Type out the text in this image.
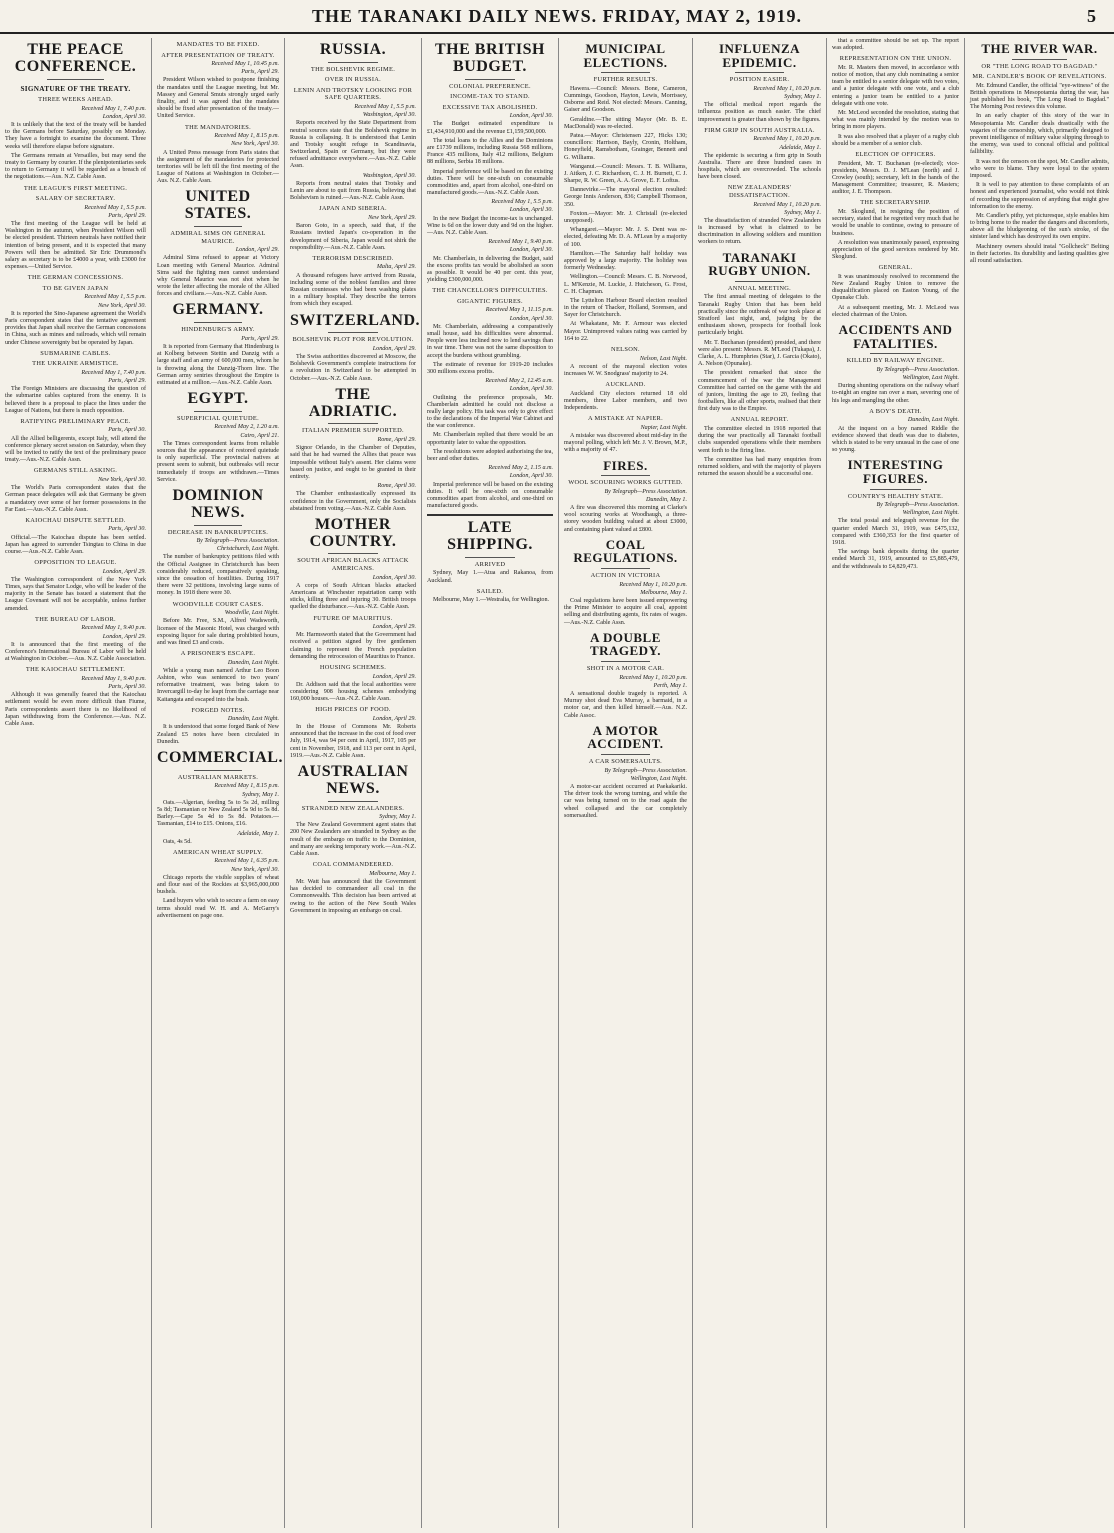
THE TARANAKI DAILY NEWS. FRIDAY, MAY 2, 1919.	5
THE PEACE CONFERENCE.
SIGNATURE OF THE TREATY.
THREE WEEKS AHEAD.

Received May 1, 7.40 p.m.

London, April 30.

It is unlikely that the text of the treaty will be handed to the Germans before Saturday, possibly on Monday. They have a fortnight to examine the document. Three weeks will therefore elapse before signature.

The Germans remain at Versailles, but may send the treaty to Germany by courier. If the plenipotentiaries seek to return to Germany it will be regarded as a breach of the negotiations.—Aus. N.Z. Cable Assn.

THE LEAGUE'S FIRST MEETING.
SALARY OF SECRETARY.

Received May 1, 5.5 p.m.

Paris, April 29.

The first meeting of the League will be held at Washington in the autumn, when President Wilson will be elected president. Thirteen neutrals have notified their intention of being present, and it is expected that many Powers will then be admitted. Sir Eric Drummond's salary as secretary is to be £4000 a year, with £3000 for expenses.—United Service.

THE GERMAN CONCESSIONS.
TO BE GIVEN JAPAN

Received May 1, 5.5 p.m.

New York, April 30.

It is reported the Sino-Japanese agreement the World's Paris correspondent states that the tentative agreement provides that Japan shall receive the German concessions in China, such as mines and railroads, which will remain under Chinese sovereignty but be operated by Japan.

SUBMARINE CABLES.
THE UKRAINE ARMISTICE.

Received May 1, 7.40 p.m.

Paris, April 29.

The Foreign Ministers are discussing the question of the submarine cables captured from the enemy. It is believed there is a proposal to place the lines under the League of Nations, but there is much opposition.

RATIFYING PRELIMINARY PEACE.

Paris, April 30.

All the Allied belligerents, except Italy, will attend the conference plenary secret session on Saturday, when they will be invited to ratify the text of the preliminary peace treaty.—Aus.-N.Z. Cable Assn.

GERMANS STILL ASKING.

New York, April 30.

The World's Paris correspondent states that the German peace delegates will ask that Germany be given a mandatory over some of her former possessions in the Far East.—Aus.-N.Z. Cable Assn.

KAIOCHAU DISPUTE SETTLED.

Paris, April 30.

Official.—The Kaiochau dispute has been settled. Japan has agreed to surrender Tsingtau to China in due course.—Aus.-N.Z. Cable Assn.

OPPOSITION TO LEAGUE.

London, April 29.

The Washington correspondent of the New York Times, says that Senator Lodge, who will be leader of the majority in the Senate has issued a statement that the League Covenant will not be acceptable, unless further amended.

THE BUREAU OF LABOR.

Received May 1, 9.40 p.m.

London, April 29.

It is announced that the first meeting of the Conference's International Bureau of Labor will be held at Washington in October.—Aus. N.Z. Cable Association.

THE KAIOCHAU SETTLEMENT.

Received May 1, 9.40 p.m.

Paris, April 30.

Although it was generally feared that the Kaiochau settlement would be even more difficult than Fiume, Paris correspondents assert there is no likelihood of Japan withdrawing from the Conference.—Aus. N.Z. Cable Assn.

MANDATES TO BE FIXED.
AFTER PRESENTATION OF TREATY.

Received May 1, 10.45 p.m.

Paris, April 29.

President Wilson wished to postpone finishing the mandates until the League meeting, but Mr. Massey and General Smuts strongly urged early finality, and it was agreed that the mandates should be fixed after presentation of the treaty.—United Service.

THE MANDATORIES.

Received May 1, 8.15 p.m.

New York, April 30.

A United Press message from Paris states that the assignment of the mandatories for protected territories will be left till the first meeting of the League of Nations at Washington in October.—Aus. N.Z. Cable Assn.

UNITED STATES.
ADMIRAL SIMS ON GENERAL MAURICE.

London, April 29.

Admiral Sims refused to appear at Victory Loan meeting with General Maurice. Admiral Sims said the fighting men cannot understand why General Maurice was not shot when he wrote the letter affecting the morale of the Allied forces and civilians.—Aus.-N.Z. Cable Assn.

GERMANY.
HINDENBURG'S ARMY.

Paris, April 29.

It is reported from Germany that Hindenburg is at Kolberg between Stettin and Danzig with a large staff and an army of 600,000 men, whom he is throwing along the Danzig-Thorn line. The German army sentries throughout the Empire is estimated at a million.—Aus.-N.Z. Cable Assn.

EGYPT.
SUPERFICIAL QUIETUDE.

Received May 2, 1.20 a.m.

Cairo, April 21.

The Times correspondent learns from reliable sources that the appearance of restored quietude is only superficial. The provincial natives at present seem to submit, but outbreaks will recur immediately if troops are withdrawn.—Times Service.

DOMINION NEWS.
DECREASE IN BANKRUPTCIES.

By Telegraph—Press Association.

Christchurch, Last Night.

The number of bankruptcy petitions filed with the Official Assignee in Christchurch has been considerably reduced, comparatively speaking, since the cessation of hostilities. During 1917 there were 32 petitions, involving large sums of money. In 1918 there were 30.

WOODVILLE COURT CASES.

Woodville, Last Night.

Before Mr. Free, S.M., Alfred Wadsworth, licensee of the Masonic Hotel, was charged with exposing liquor for sale during prohibited hours, and was fined £3 and costs.

A PRISONER'S ESCAPE.

Dunedin, Last Night.

While a young man named Arthur Leo Boon Ashton, who was sentenced to two years' reformative treatment, was being taken to Invercargill to-day he leapt from the carriage near Kaitangata and escaped into the bush.

FORGED NOTES.

Dunedin, Last Night.

It is understood that some forged Bank of New Zealand £5 notes have been circulated in Dunedin.

COMMERCIAL.
AUSTRALIAN MARKETS.

Received May 1, 8.15 p.m.

Sydney, May 1.

Oats.—Algerian, feeding 5s to 5s 2d, milling 5s 8d; Tasmanian or New Zealand 5s 9d to 5s 8d. Barley.—Cape 5s 4d to 5s 8d. Potatoes.—Tasmanian, £14 to £15. Onions, £16.

Adelaide, May 1.

Oats, 4s 5d.

AMERICAN WHEAT SUPPLY.

Received May 1, 6.35 p.m.

New York, April 30.

Chicago reports the visible supplies of wheat and flour east of the Rockies at $3,965,000,000 bushels.

Land buyers who wish to secure a farm on easy terms should read W. H. and A. McGarry's advertisement on page one.

RUSSIA.
THE BOLSHEVIK REGIME.
OVER IN RUSSIA.
LENIN AND TROTSKY LOOKING FOR SAFE QUARTERS.

Received May 1, 5.5 p.m.

Washington, April 30.

Reports received by the State Department from neutral sources state that the Bolshevik regime in Russia is collapsing. It is understood that Lenin and Trotsky sought refuge in Scandinavia, Switzerland, Spain or Germany, but they were refused admittance everywhere.—Aus.-N.Z. Cable Assn.

Washington, April 30.

Reports from neutral states that Trotsky and Lenin are about to quit from Russia, believing that Bolshevism is ruined.—Aus.-N.Z. Cable Assn.

JAPAN AND SIBERIA.

New York, April 29.

Baron Goto, in a speech, said that, if the Russians invited Japan's co-operation in the development of Siberia, Japan would not shirk the responsibility.—Aus.-N.Z. Cable Assn.

TERRORISM DESCRIBED.

Malta, April 29.

A thousand refugees have arrived from Russia, including some of the noblest families and three Russian countesses who had been washing plates in a military hospital. They describe the terrors from which they escaped.

SWITZERLAND.
BOLSHEVIK PLOT FOR REVOLUTION.

London, April 29.

The Swiss authorities discovered at Moscow, the Bolshevik Government's complete instructions for a revolution in Switzerland to be attempted in October.—Aus.-N.Z. Cable Assn.

THE ADRIATIC.
ITALIAN PREMIER SUPPORTED.

Rome, April 29.

Signor Orlando, in the Chamber of Deputies, said that he had warned the Allies that peace was impossible without Italy's assent. Her claims were based on justice, and ought to be granted in their entirety.

Rome, April 30.

The Chamber enthusiastically expressed its confidence in the Government, only the Socialists abstained from voting.—Aus.-N.Z. Cable Assn.

MOTHER COUNTRY.
SOUTH AFRICAN BLACKS ATTACK AMERICANS.

London, April 30.

A corps of South African blacks attacked Americans at Winchester repatriation camp with sticks, killing three and injuring 30. British troops quelled the disturbance.—Aus.-N.Z. Cable Assn.

FUTURE OF MAURITIUS.

London, April 29.

Mr. Harmsworth stated that the Government had received a petition signed by five gentlemen claiming to represent the French population demanding the retrocession of Mauritius to France.

HOUSING SCHEMES.

London, April 29.

Dr. Addison said that the local authorities were considering 908 housing schemes embodying 160,000 houses.—Aus.-N.Z. Cable Assn.

HIGH PRICES OF FOOD.

London, April 29.

In the House of Commons Mr. Roberts announced that the increase in the cost of food over July, 1914, was 94 per cent in April, 1917, 105 per cent in November, 1918, and 113 per cent in April, 1919.—Aus.-N.Z. Cable Assn.

AUSTRALIAN NEWS.
STRANDED NEW ZEALANDERS.

Sydney, May 1.

The New Zealand Government agent states that 200 New Zealanders are stranded in Sydney as the result of the embargo on traffic to the Dominion, and many are seeking temporary work.—Aus.-N.Z. Cable Assn.

COAL COMMANDEERED.

Melbourne, May 1.

Mr. Watt has announced that the Government has decided to commandeer all coal in the Commonwealth. This decision has been arrived at owing to the action of the New South Wales Government in imposing an embargo on coal.

THE BRITISH BUDGET.
COLONIAL PREFERENCE.
INCOME-TAX TO STAND.
EXCESSIVE TAX ABOLISHED.

London, April 30.

The Budget estimated expenditure is £1,434,910,000 and the revenue £1,159,500,000.

The total loans to the Allies and the Dominions are £1739 millions, including Russia 568 millions, France 435 millions, Italy 412 millions, Belgium 88 millions, Serbia 18 millions.

Imperial preference will be based on the existing duties. There will be one-sixth on consumable commodities and, apart from alcohol, one-third on manufactured goods.—Aus.-N.Z. Cable Assn.

Received May 1, 5.5 p.m.

London, April 30.

In the new Budget the income-tax is unchanged. Wine is 6d on the lower duty and 9d on the higher.—Aus. N.Z. Cable Assn.

Received May 1, 9.40 p.m.

London, April 30.

Mr. Chamberlain, in delivering the Budget, said the excess profits tax would be abolished as soon as possible. It would be 40 per cent. this year, yielding £300,000,000.

THE CHANCELLOR'S DIFFICULTIES.
GIGANTIC FIGURES.

Received May 1, 11.15 p.m.

London, April 30.

Mr. Chamberlain, addressing a comparatively small house, said his difficulties were abnormal. People were less inclined now to lend savings than in war time. There was not the same disposition to accept the burdens without grumbling.

The estimate of revenue for 1919-20 includes 300 millions excess profits.

Received May 2, 12.45 a.m.

London, April 30.

Outlining the preference proposals, Mr. Chamberlain admitted he could not disclose a really large policy. His task was only to give effect to the declarations of the Imperial War Cabinet and the war conference.

Mr. Chamberlain replied that there would be an opportunity later to value the opposition.

The resolutions were adopted authorising the tea, beer and other duties.

Received May 2, 1.15 a.m.

London, April 30.

Imperial preference will be based on the existing duties. It will be one-sixth on consumable commodities apart from alcohol, and one-third on manufactured goods.

LATE SHIPPING.
ARRIVED

Sydney, May 1.—Atua and Rakanoa, from Auckland.

SAILED.

Melbourne, May 1.—Westralia, for Wellington.

MUNICIPAL ELECTIONS.
FURTHER RESULTS.

Hawera.—Council: Messrs. Bone, Cameron, Cummings, Goodson, Hayton, Lewis, Morrissey, Osborne and Reid. Not elected: Messrs. Canning, Gaiser and Goodson.

Geraldine.—The sitting Mayor (Mr. B. E. MacDonald) was re-elected.

Patea.—Mayor: Christensen 227, Hicks 130; councillors: Harrison, Bayly, Cronin, Holtham, Honeyfield, Ramsbotham, Grainger, Bennett and G. Williams.

Wanganui.—Council: Messrs. T. B. Williams, J. Aitken, J. C. Richardson, C. J. H. Burnett, C. J. Sharpe, R. W. Green, A. A. Grove, E. F. Loftus.

Dannevirke.—The mayoral election resulted: George Innis Anderson, 836; Campbell Thomson, 350.

Foxton.—Mayor: Mr. J. Christall (re-elected unopposed).

Whangarei.—Mayor: Mr. J. S. Dent was re-elected, defeating Mr. D. A. M'Lean by a majority of 100.

Hamilton.—The Saturday half holiday was approved by a large majority. The holiday was formerly Wednesday.

Wellington.—Council: Messrs. C. B. Norwood, L. M'Kenzie, M. Luckie, J. Hutcheson, G. Frost, C. H. Chapman.

The Lyttelton Harbour Board election resulted in the return of Thacker, Holland, Sorensen, and Sayer for Christchurch.

At Whakatane, Mr. F. Armour was elected Mayor. Unimproved values rating was carried by 164 to 22.

NELSON.

Nelson, Last Night.

A recount of the mayoral election votes increases W. W. Snodgrass' majority to 24.

AUCKLAND.

Auckland City electors returned 18 old members, three Labor members, and two Independents.

A MISTAKE AT NAPIER.

Napier, Last Night.

A mistake was discovered about mid-day in the mayoral polling, which left Mr. J. V. Brown, M.P., with a majority of 47.

FIRES.
WOOL SCOURING WORKS GUTTED.

By Telegraph—Press Association.

Dunedin, May 1.

A fire was discovered this morning at Clarke's wool scouring works at Woodhaugh, a three-storey wooden building valued at about £3000, and containing plant valued at £800.

COAL REGULATIONS.
ACTION IN VICTORIA

Received May 1, 10.20 p.m.

Melbourne, May 1.

Coal regulations have been issued empowering the Prime Minister to acquire all coal, appoint selling and distributing agents, fix rates of wages.—Aus.-N.Z. Cable Assn.

A DOUBLE TRAGEDY.
SHOT IN A MOTOR CAR.

Received May 1, 10.20 p.m.

Perth, May 1.

A sensational double tragedy is reported. A Murray shot dead Eva Murray, a barmaid, in a motor car, and then killed himself.—Aus. N.Z. Cable Assoc.

A MOTOR ACCIDENT.
A CAR SOMERSAULTS.

By Telegraph—Press Association.

Wellington, Last Night.

A motor-car accident occurred at Paekakariki. The driver took the wrong turning, and while the car was being turned on to the road again the wheel collapsed and the car completely somersaulted.

INFLUENZA EPIDEMIC.
POSITION EASIER.

Received May 1, 10.20 p.m.

Sydney, May 1.

The official medical report regards the influenza position as much easier. The chief improvement is greater than shown by the figures.

FIRM GRIP IN SOUTH AUSTRALIA.

Received May 1, 10.20 p.m.

Adelaide, May 1.

The epidemic is securing a firm grip in South Australia. There are three hundred cases in hospitals, which are overcrowded. The schools have been closed.

NEW ZEALANDERS' DISSATISFACTION.

Received May 1, 10.20 p.m.

Sydney, May 1.

The dissatisfaction of stranded New Zealanders is increased by what is claimed to be discrimination in allowing soldiers and munition workers to return.

TARANAKI RUGBY UNION.
ANNUAL MEETING.

The first annual meeting of delegates to the Taranaki Rugby Union that has been held practically since the outbreak of war took place at Stratford last night, and, judging by the enthusiasm shown, prospects for football look particularly bright.

Mr. T. Buchanan (president) presided, and there were also present: Messrs. R. M'Leod (Tukapa), J. Clarke, A. L. Humphries (Star), J. Garcia (Okato), A. Nelson (Opunake).

The president remarked that since the commencement of the war the Management Committee had carried on the game with the aid of juniors, limiting the age to 20, feeling that footballers, like all other sports, realised that their first duty was to the Empire.

ANNUAL REPORT.

The committee elected in 1918 reported that during the war practically all Taranaki football clubs suspended operations while their members went forth to the firing line.

The committee has had many enquiries from returned soldiers, and with the majority of players returned the season should be a successful one.

that a committee should be set up. The report was adopted.

REPRESENTATION ON THE UNION.

Mr. R. Masters then moved, in accordance with notice of motion, that any club nominating a senior team be entitled to a senior delegate with two votes, and a junior delegate with one vote, and a club entering a junior team be entitled to a junior delegate with one vote.

Mr. McLeod seconded the resolution, stating that what was mainly intended by the motion was to bring in more players.

It was also resolved that a player of a rugby club should be a member of a senior club.

ELECTION OF OFFICERS.

President, Mr. T. Buchanan (re-elected); vice-presidents, Messrs. D. J. M'Lean (north) and J. Crowley (south); secretary, left in the hands of the Management Committee; treasurer, R. Masters; auditor, J. E. Thompson.

THE SECRETARYSHIP.

Mr. Skoglund, in resigning the position of secretary, stated that he regretted very much that he would be unable to continue, owing to pressure of business.

A resolution was unanimously passed, expressing appreciation of the good services rendered by Mr. Skoglund.

GENERAL.

It was unanimously resolved to recommend the New Zealand Rugby Union to remove the disqualification placed on Easton Young, of the Opunake Club.

At a subsequent meeting, Mr. J. McLeod was elected chairman of the Union.

ACCIDENTS AND FATALITIES.
KILLED BY RAILWAY ENGINE.

By Telegraph—Press Association.

Wellington, Last Night.

During shunting operations on the railway wharf to-night an engine ran over a man, severing one of his legs and mangling the other.

A BOY'S DEATH.

Dunedin, Last Night.

At the inquest on a boy named Riddle the evidence showed that death was due to diabetes, which is stated to be very unusual in the case of one so young.

INTERESTING FIGURES.
COUNTRY'S HEALTHY STATE.

By Telegraph—Press Association.

Wellington, Last Night.

The total postal and telegraph revenue for the quarter ended March 31, 1919, was £475,132, compared with £360,353 for the first quarter of 1918.

The savings bank deposits during the quarter ended March 31, 1919, amounted to £5,885,479, and the withdrawals to £4,829,473.

THE RIVER WAR.
OR "THE LONG ROAD TO BAGDAD."
MR. CANDLER'S BOOK OF REVELATIONS.

Mr. Edmund Candler, the official "eye-witness" of the British operations in Mesopotamia during the war, has just published his book, "The Long Road to Bagdad." The Morning Post reviews this volume.

In an early chapter of this story of the war in Mesopotamia Mr. Candler deals drastically with the vagaries of the censorship, which, primarily designed to prevent intelligence of military value slipping through to the enemy, was used to conceal official and political fallibility.

It was not the censors on the spot, Mr. Candler admits, who were to blame. They were loyal to the system imposed.

It is well to pay attention to these complaints of an honest and experienced journalist, who would not think of recording the suppression of anything that might give information to the enemy.

Mr. Candler's pithy, yet picturesque, style enables him to bring home to the reader the dangers and discomforts, above all the bludgeoning of the sun's stroke, of the sinister land which has destroyed its own empire.

Machinery owners should instal "Gollcheck" Belting in their factories. Its durability and lasting qualities give all round satisfaction.
